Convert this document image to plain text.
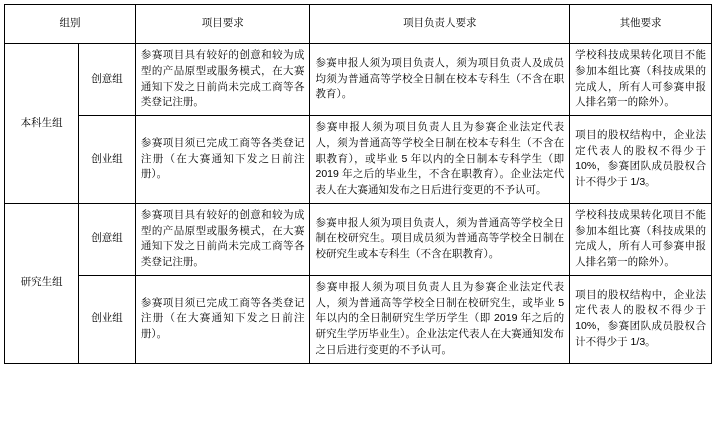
组别		项目要求	项目负责人要求	其他要求
本科生组	创意组	参赛项目具有较好的创意和较为成型的产品原型或服务模式，在大赛通知下发之日前尚未完成工商等各类登记注册。	参赛申报人须为项目负责人，须为项目负责人及成员均须为普通高等学校全日制在校本专科生（不含在职教育）。	学校科技成果转化项目不能参加本组比赛（科技成果的完成人，所有人可参赛申报人排名第一的除外）。
	创业组	参赛项目须已完成工商等各类登记注册（在大赛通知下发之日前注册）。	参赛申报人须为项目负责人且为参赛企业法定代表人，须为普通高等学校全日制在校本专科生（不含在职教育），或毕业 5 年以内的全日制本专科学生（即 2019 年之后的毕业生，不含在职教育）。企业法定代表人在大赛通知发布之日后进行变更的不予认可。	项目的股权结构中，企业法定代表人的股权不得少于 10%，参赛团队成员股权合计不得少于 1/3。
研究生组	创意组	参赛项目具有较好的创意和较为成型的产品原型或服务模式，在大赛通知下发之日前尚未完成工商等各类登记注册。	参赛申报人须为项目负责人，须为普通高等学校全日制在校研究生。项目成员须为普通高等学校全日制在校研究生或本专科生（不含在职教育）。	学校科技成果转化项目不能参加本组比赛（科技成果的完成人，所有人可参赛申报人排名第一的除外）。
	创业组	参赛项目须已完成工商等各类登记注册（在大赛通知下发之日前注册）。	参赛申报人须为项目负责人且为参赛企业法定代表人，须为普通高等学校全日制在校研究生，或毕业 5 年以内的全日制研究生学历学生（即 2019 年之后的研究生学历毕业生）。企业法定代表人在大赛通知发布之日后进行变更的不予认可。	项目的股权结构中，企业法定代表人的股权不得少于 10%，参赛团队成员股权合计不得少于 1/3。
